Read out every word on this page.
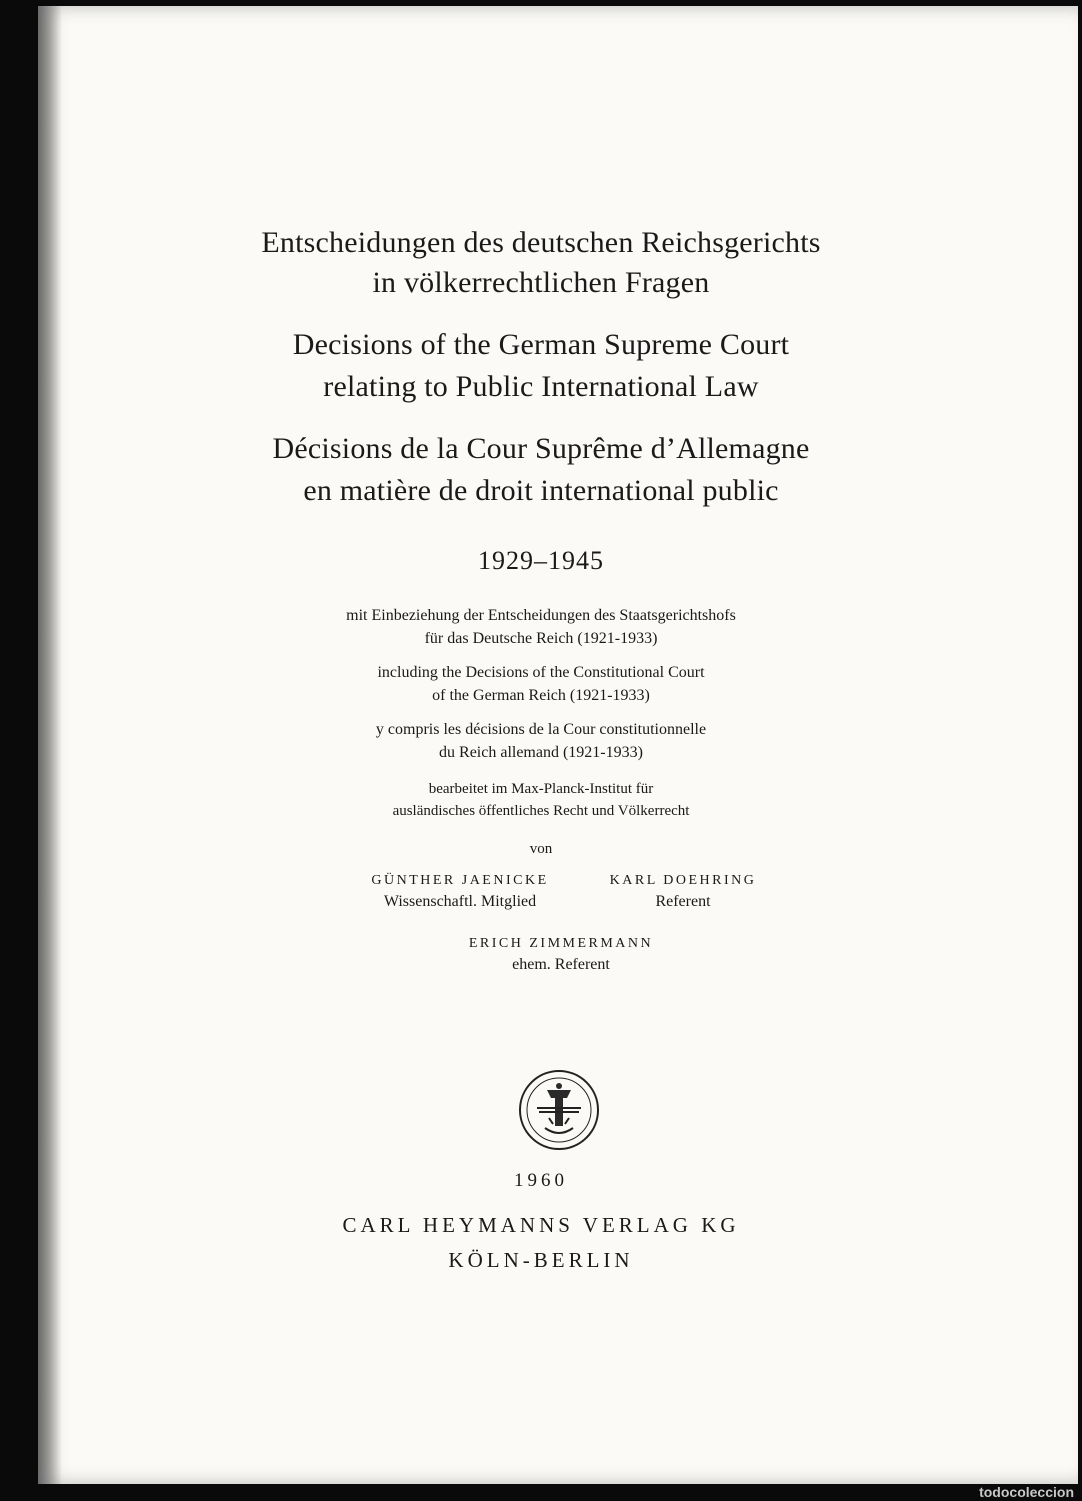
Entscheidungen des deutschen Reichsgerichts
in völkerrechtlichen Fragen
Decisions of the German Supreme Court
relating to Public International Law
Décisions de la Cour Suprême d’Allemagne
en matière de droit international public
1929–1945
mit Einbeziehung der Entscheidungen des Staatsgerichtshofs
für das Deutsche Reich (1921-1933)
including the Decisions of the Constitutional Court
of the German Reich (1921-1933)
y compris les décisions de la Cour constitutionnelle
du Reich allemand (1921-1933)
bearbeitet im Max-Planck-Institut für
ausländisches öffentliches Recht und Völkerrecht
von
GÜNTHER JAENICKE
Wissenschaftl. Mitglied
KARL DOEHRING
Referent
ERICH ZIMMERMANN
ehem. Referent
1960
CARL HEYMANNS VERLAG KG
KÖLN-BERLIN
todocoleccion
